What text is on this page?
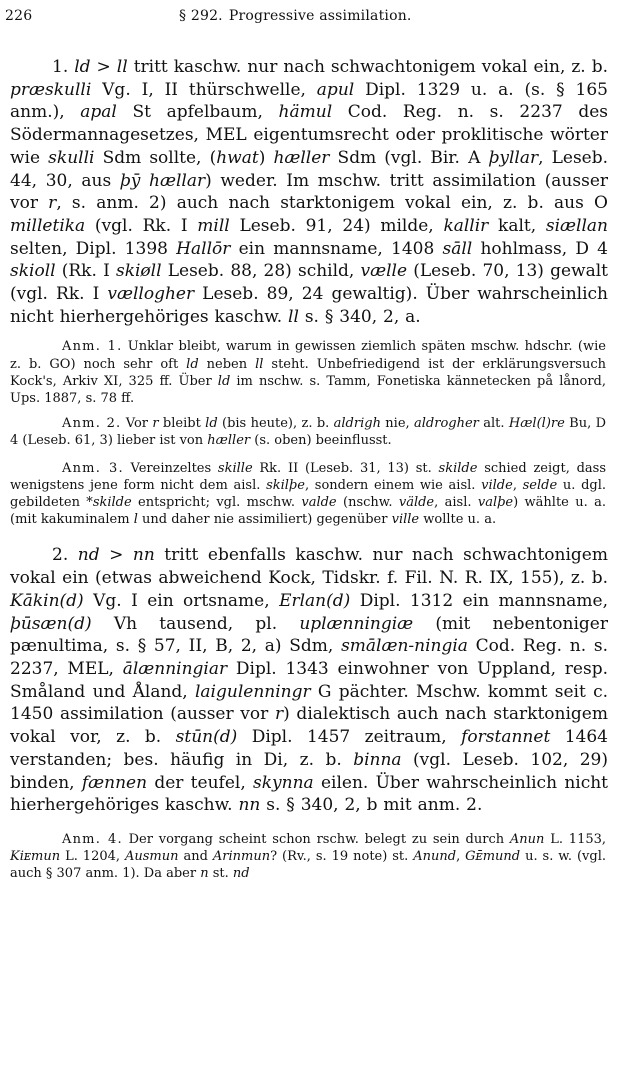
226	§ 292. Progressive assimilation.

1. ld > ll tritt kaschw. nur nach schwachtonigem vokal ein, z. b. præskulli Vg. I, II thürschwelle, apul Dipl. 1329 u. a. (s. § 165 anm.), apal St apfelbaum, hämul Cod. Reg. n. s. 2237 des Södermannagesetzes, MEL eigentumsrecht oder proklitische wörter wie skulli Sdm sollte, (hwat) hæller Sdm (vgl. Bir. A þyllar, Leseb. 44, 30, aus þȳ hællar) weder. Im mschw. tritt assimilation (ausser vor r, s. anm. 2) auch nach starktonigem vokal ein, z. b. aus O milletika (vgl. Rk. I mill Leseb. 91, 24) milde, kallir kalt, siællan selten, Dipl. 1398 Hallōr ein mannsname, 1408 sāll hohlmass, D 4 skioll (Rk. I skiøll Leseb. 88, 28) schild, vælle (Leseb. 70, 13) gewalt (vgl. Rk. I vællogher Leseb. 89, 24 gewaltig). Über wahrscheinlich nicht hierhergehöriges kaschw. ll s. § 340, 2, a.

Anm. 1. Unklar bleibt, warum in gewissen ziemlich späten mschw. hdschr. (wie z. b. GO) noch sehr oft ld neben ll steht. Unbefriedigend ist der erklärungsversuch Kock's, Arkiv XI, 325 ff. Über ld im nschw. s. Tamm, Fonetiska kännetecken på lånord, Ups. 1887, s. 78 ff.

Anm. 2. Vor r bleibt ld (bis heute), z. b. aldrigh nie, aldrogher alt. Hæl(l)re Bu, D 4 (Leseb. 61, 3) lieber ist von hæller (s. oben) beeinflusst.

Anm. 3. Vereinzeltes skille Rk. II (Leseb. 31, 13) st. skilde schied zeigt, dass wenigstens jene form nicht dem aisl. skilþe, sondern einem wie aisl. vilde, selde u. dgl. gebildeten *skilde entspricht; vgl. mschw. valde (nschw. välde, aisl. valþe) wählte u. a. (mit kakuminalem l und daher nie assimiliert) gegenüber ville wollte u. a.

2. nd > nn tritt ebenfalls kaschw. nur nach schwachtonigem vokal ein (etwas abweichend Kock, Tidskr. f. Fil. N. R. IX, 155), z. b. Kākin(d) Vg. I ein ortsname, Erlan(d) Dipl. 1312 ein mannsname, þūsæn(d) Vh tausend, pl. uplænningiæ (mit nebentoniger pænultima, s. § 57, II, B, 2, a) Sdm, smālæn-ningia Cod. Reg. n. s. 2237, MEL, ālænningiar Dipl. 1343 einwohner von Uppland, resp. Småland und Åland, laigulenningr G pächter. Mschw. kommt seit c. 1450 assimilation (ausser vor r) dialektisch auch nach starktonigem vokal vor, z. b. stūn(d) Dipl. 1457 zeitraum, forstannet 1464 verstanden; bes. häufig in Di, z. b. binna (vgl. Leseb. 102, 29) binden, fænnen der teufel, skynna eilen. Über wahrscheinlich nicht hierhergehöriges kaschw. nn s. § 340, 2, b mit anm. 2.

Anm. 4. Der vorgang scheint schon rschw. belegt zu sein durch Anun L. 1153, Kiᴇmun L. 1204, Ausmun and Arinmun? (Rv., s. 19 note) st. Anund, Gᴇ̄mund u. s. w. (vgl. auch § 307 anm. 1). Da aber n st. nd
